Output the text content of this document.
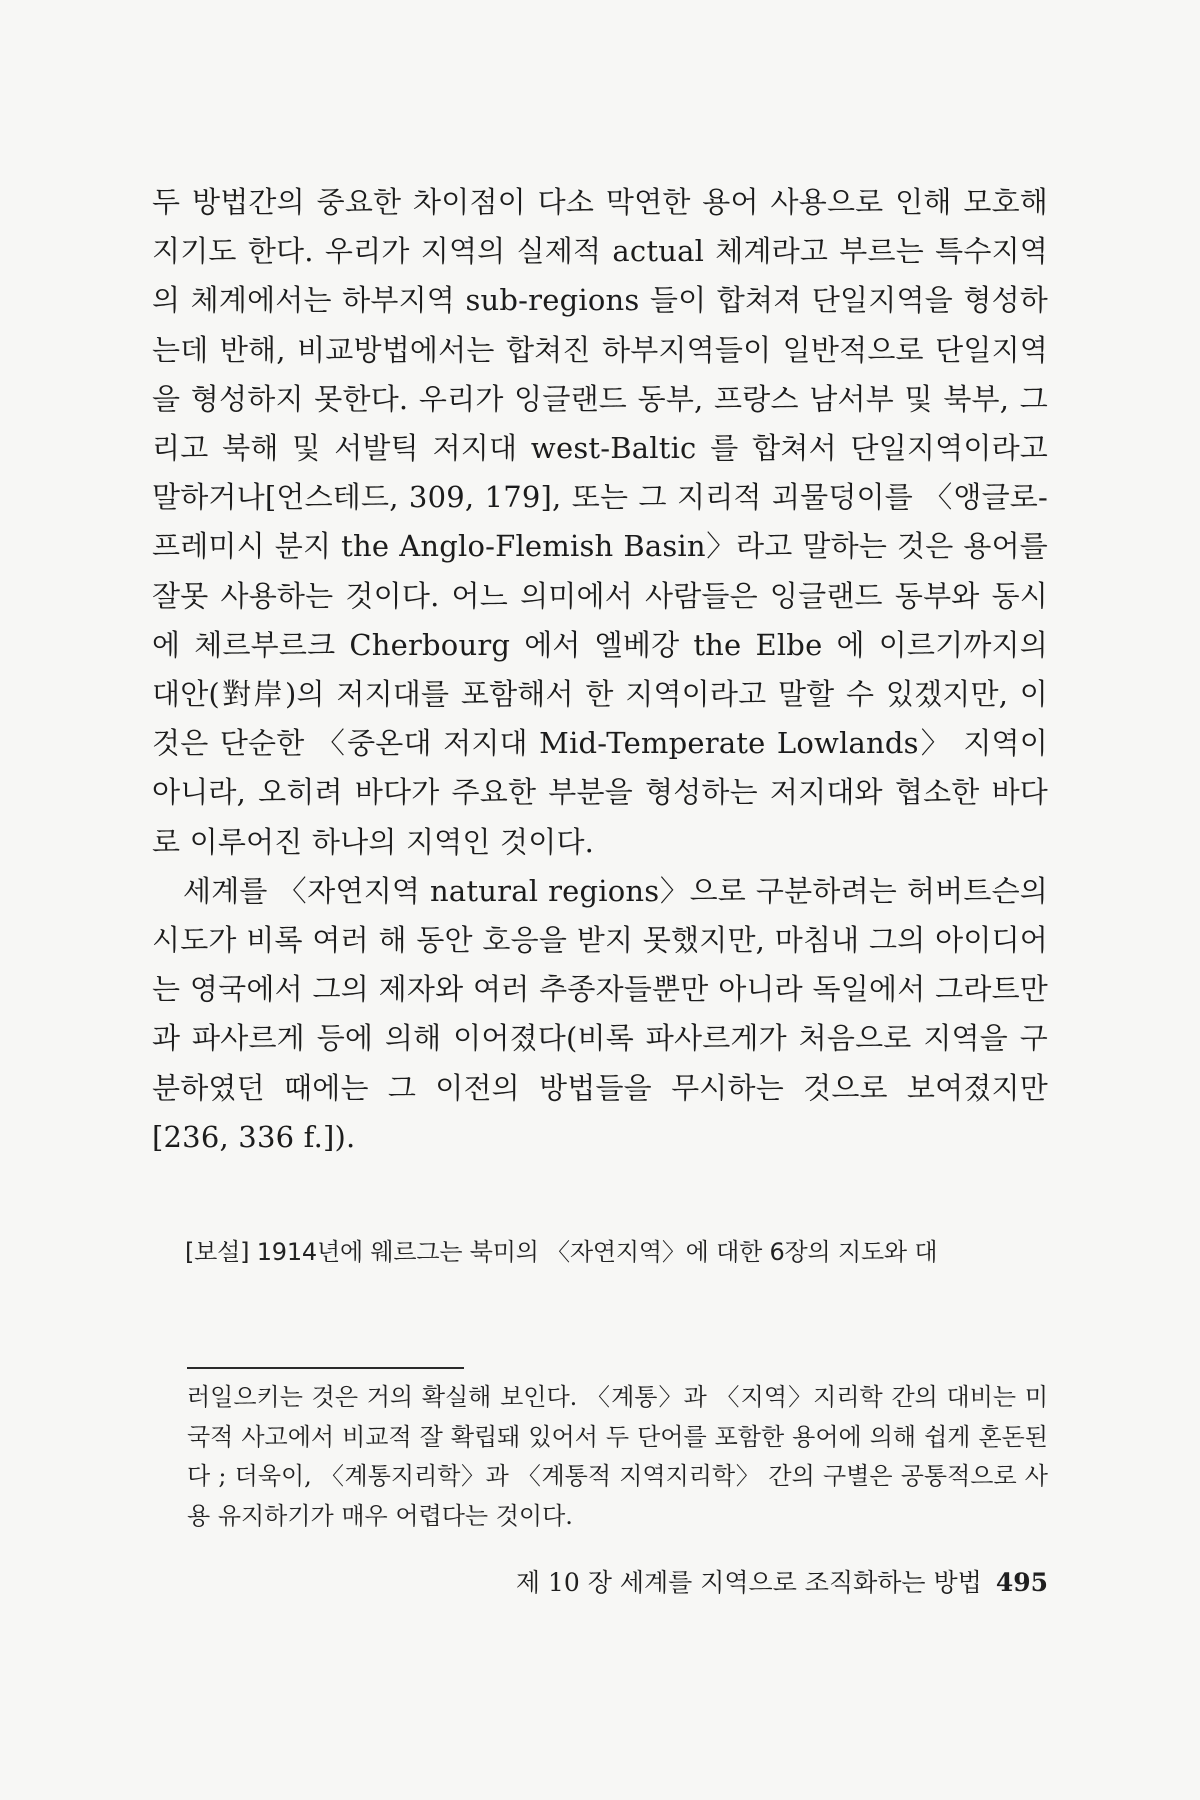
두 방법간의 중요한 차이점이 다소 막연한 용어 사용으로 인해 모호해지기도 한다. 우리가 지역의 실제적 actual 체계라고 부르는 특수지역의 체계에서는 하부지역 sub-regions 들이 합쳐져 단일지역을 형성하는데 반해, 비교방법에서는 합쳐진 하부지역들이 일반적으로 단일지역을 형성하지 못한다. 우리가 잉글랜드 동부, 프랑스 남서부 및 북부, 그리고 북해 및 서발틱 저지대 west-Baltic 를 합쳐서 단일지역이라고 말하거나[언스테드, 309, 179], 또는 그 지리적 괴물덩이를 〈앵글로-프레미시 분지 the Anglo-Flemish Basin〉라고 말하는 것은 용어를 잘못 사용하는 것이다. 어느 의미에서 사람들은 잉글랜드 동부와 동시에 체르부르크 Cherbourg 에서 엘베강 the Elbe 에 이르기까지의 대안(對岸)의 저지대를 포함해서 한 지역이라고 말할 수 있겠지만, 이것은 단순한 〈중온대 저지대 Mid-Temperate Lowlands〉 지역이 아니라, 오히려 바다가 주요한 부분을 형성하는 저지대와 협소한 바다로 이루어진 하나의 지역인 것이다.

세계를 〈자연지역 natural regions〉으로 구분하려는 허버트슨의 시도가 비록 여러 해 동안 호응을 받지 못했지만, 마침내 그의 아이디어는 영국에서 그의 제자와 여러 추종자들뿐만 아니라 독일에서 그라트만과 파사르게 등에 의해 이어졌다(비록 파사르게가 처음으로 지역을 구분하였던 때에는 그 이전의 방법들을 무시하는 것으로 보여졌지만[236, 336 f.]).

[보설] 1914년에 웨르그는 북미의 〈자연지역〉에 대한 6장의 지도와 대

러일으키는 것은 거의 확실해 보인다. 〈계통〉과 〈지역〉지리학 간의 대비는 미국적 사고에서 비교적 잘 확립돼 있어서 두 단어를 포함한 용어에 의해 쉽게 혼돈된다 ; 더욱이, 〈계통지리학〉과 〈계통적 지역지리학〉 간의 구별은 공통적으로 사용 유지하기가 매우 어렵다는 것이다.

제 10 장 세계를 지역으로 조직화하는 방법 495
